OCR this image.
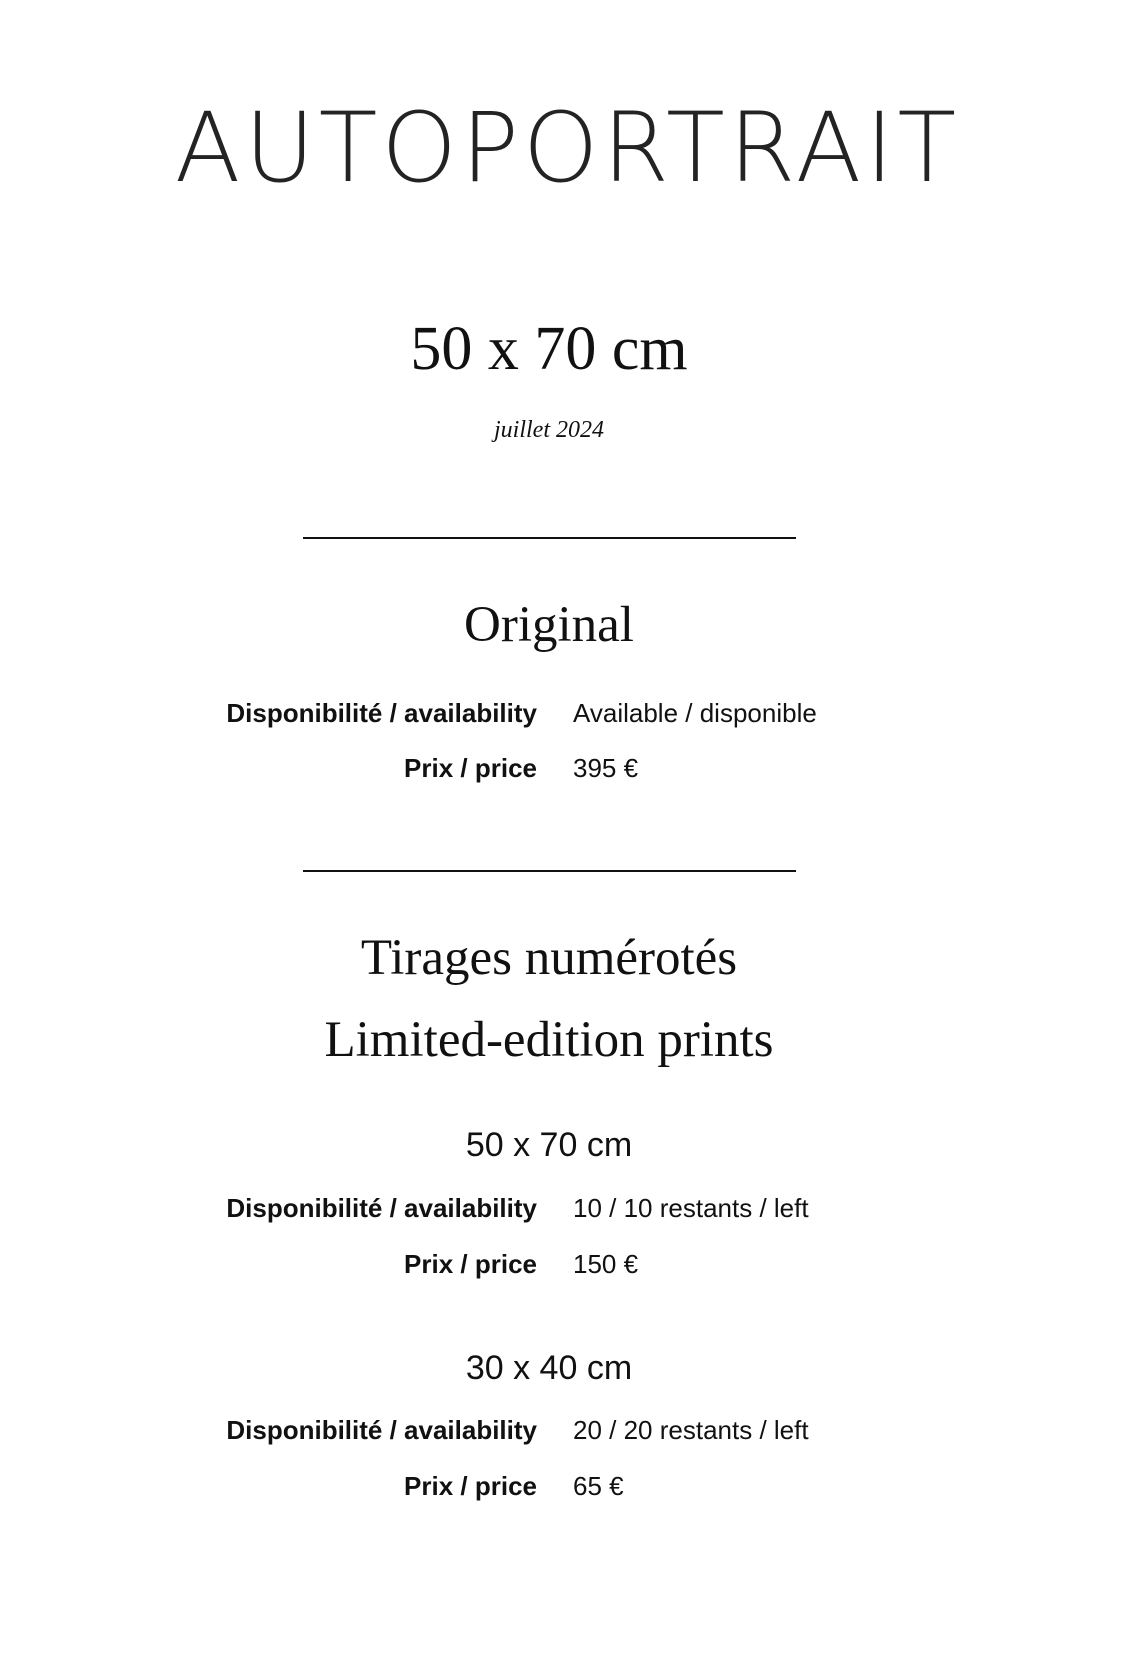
AUTOPORTRAIT
50 x 70 cm
juillet 2024
Original
Disponibilité / availability Available / disponible
Prix / price 395 €
Tirages numérotés
Limited-edition prints
50 x 70 cm
Disponibilité / availability 10 / 10 restants / left
Prix / price 150 €
30 x 40 cm
Disponibilité / availability 20 / 20 restants / left
Prix / price 65 €
